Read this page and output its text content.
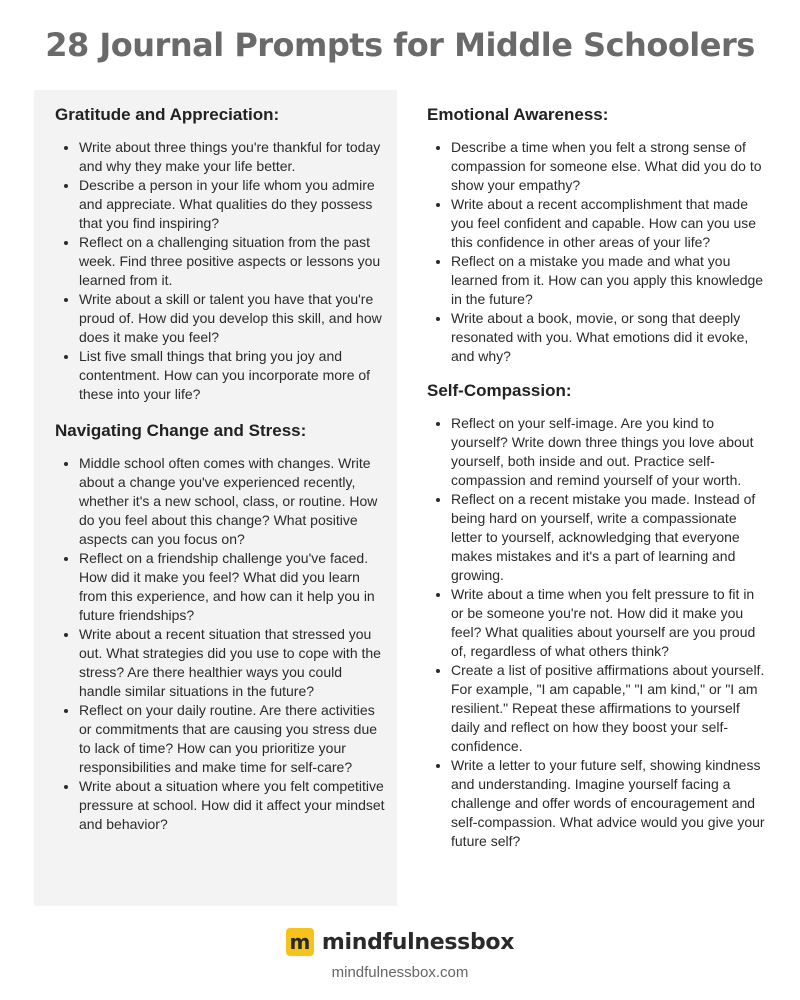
28 Journal Prompts for Middle Schoolers
Gratitude and Appreciation:
• Write about three things you're thankful for today and why they make your life better.
• Describe a person in your life whom you admire and appreciate. What qualities do they possess that you find inspiring?
• Reflect on a challenging situation from the past week. Find three positive aspects or lessons you learned from it.
• Write about a skill or talent you have that you're proud of. How did you develop this skill, and how does it make you feel?
• List five small things that bring you joy and contentment. How can you incorporate more of these into your life?
Navigating Change and Stress:
• Middle school often comes with changes. Write about a change you've experienced recently, whether it's a new school, class, or routine. How do you feel about this change? What positive aspects can you focus on?
• Reflect on a friendship challenge you've faced. How did it make you feel? What did you learn from this experience, and how can it help you in future friendships?
• Write about a recent situation that stressed you out. What strategies did you use to cope with the stress? Are there healthier ways you could handle similar situations in the future?
• Reflect on your daily routine. Are there activities or commitments that are causing you stress due to lack of time? How can you prioritize your responsibilities and make time for self-care?
• Write about a situation where you felt competitive pressure at school. How did it affect your mindset and behavior?
Emotional Awareness:
• Describe a time when you felt a strong sense of compassion for someone else. What did you do to show your empathy?
• Write about a recent accomplishment that made you feel confident and capable. How can you use this confidence in other areas of your life?
• Reflect on a mistake you made and what you learned from it. How can you apply this knowledge in the future?
• Write about a book, movie, or song that deeply resonated with you. What emotions did it evoke, and why?
Self-Compassion:
• Reflect on your self-image. Are you kind to yourself? Write down three things you love about yourself, both inside and out. Practice self-compassion and remind yourself of your worth.
• Reflect on a recent mistake you made. Instead of being hard on yourself, write a compassionate letter to yourself, acknowledging that everyone makes mistakes and it's a part of learning and growing.
• Write about a time when you felt pressure to fit in or be someone you're not. How did it make you feel? What qualities about yourself are you proud of, regardless of what others think?
• Create a list of positive affirmations about yourself. For example, "I am capable," "I am kind," or "I am resilient." Repeat these affirmations to yourself daily and reflect on how they boost your self-confidence.
• Write a letter to your future self, showing kindness and understanding. Imagine yourself facing a challenge and offer words of encouragement and self-compassion. What advice would you give your future self?
m mindfulnessbox
mindfulnessbox.com
